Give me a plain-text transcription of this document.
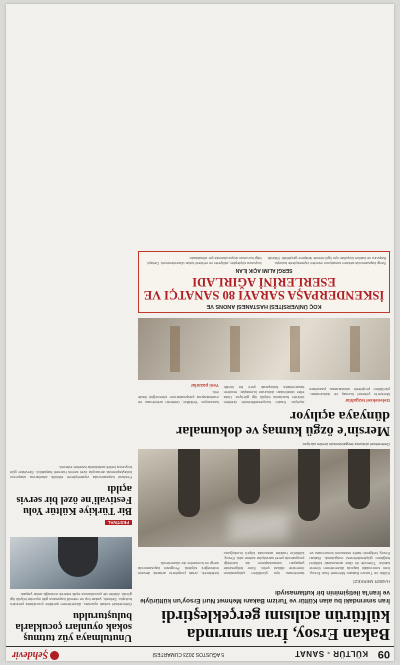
09
KÜLTÜR - SANAT
5 AĞUSTOS 2023 CUMARTESİ
Şehdevir
Bakan Ersoy, İran sınırında kültürün acılısını gerçekleştirdi
İran sınırındaki bu alan Kültür ve Turizm Bakanı Mehmet Nuri Ersoy'un kültürüyle ve İran'la iletişiminin bir kutlamasıydı
HABER MERKEZİ
Kültür ve Turizm Bakanı Mehmet Nuri Ersoy, İran sınırındaki kapıda düzenlenen törene katıldı. Törende iki ülke arasındaki kültürel bağların güçlendirilmesi vurgulandı. Bakan Ersoy, bölgenin tarihi mirasının korunması ve tanıtılması için yürütülen çalışmaların önemine dikkat çekti. Sınır bölgesinde yaşayan vatandaşların da katıldığı programda yerel sanatçılar sahne aldı. Ersoy, kültürün halklar arasında köprü kurduğunu belirterek, ortak projelerin artarak devam edeceğini söyledi. Program kapsamında sergi ve konserler de düzenlendi.
Geleneksel dokuma tezgahlarında üretim sürüyor.
Mersin'e özgü kumaş ve dokumalar dünyaya açılıyor
Geleneksel tezgahlar
Mersin'in yöresel kumaş ve dokumaları, yürütülen projelerle uluslararası pazarlara açılıyor. Kadın kooperatiflerinde üretilen ürünler fuarlarda büyük ilgi görüyor. Usta eller tarafından dokunan kumaşlar, modern tasarımlarla buluşarak yeni bir kimlik kazanıyor. Yetkililer, üretimin artırılması ve markalaşma çalışmalarının süreceğini ifade etti.
Yeni pazarlar
KOÇ ÜNİVERSİTESİ HASTANESİ ANONS VE
İSKENDERPAŞA SARAYI 80 SANATÇI VE ESERLERİNİ AĞIRLADI
SERGİ ALIMI AÇIK İLAN
Sergi kapsamında seksen sanatçının eserleri ziyaretçilerle buluştu. Başvuru ve katılım koşulları için ilgili birimle iletişime geçilebilir. Etkinlik boyunca söyleşiler, atölyeler ve rehberli turlar düzenlenecek. Detaylı bilgi kurumun duyurularında yer almaktadır.
Unutulmaya yüz tutmuş sokak oyunları çocuklarla buluşturuldu
Geleneksel sokak oyunları, düzenlenen şenlikte çocuklarla yeniden buluştu. Seksek, yakar top ve mendil kapmaca gibi oyunlar büyük ilgi gördü. Aileler de çocuklarına eşlik ederek nostaljik anlar yaşadı.
FESTİVAL
Bir Türkiye Kültür Yolu Festivali'ne özel bir servis açıldı
Festival kapsamında ziyaretçilerin etkinlik alanlarına ulaşımını kolaylaştırmak amacıyla özel servis hizmeti başlatıldı. Servisler gün boyunca belirli aralıklarla hareket edecek.
